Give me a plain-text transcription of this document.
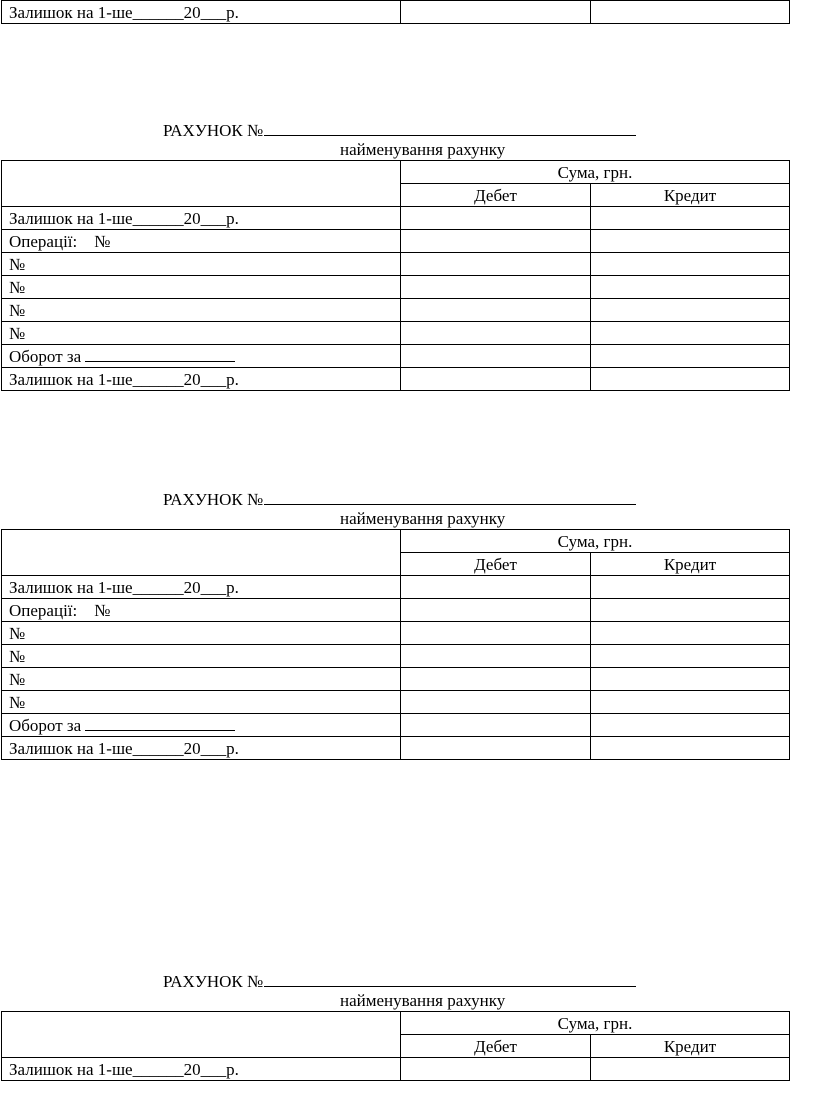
Залишок на 1-ше______20___р.		
РАХУНОК №
найменування рахунку
	Сума, грн.	
	Дебет	Кредит
Залишок на 1-ше______20___р.		
Операції:    №		
№		
№		
№		
№		
Оборот за		
Залишок на 1-ше______20___р.		
РАХУНОК №
найменування рахунку
	Сума, грн.	
	Дебет	Кредит
Залишок на 1-ше______20___р.		
Операції:    №		
№		
№		
№		
№		
Оборот за		
Залишок на 1-ше______20___р.		
РАХУНОК №
найменування рахунку
	Сума, грн.	
	Дебет	Кредит
Залишок на 1-ше______20___р.		
